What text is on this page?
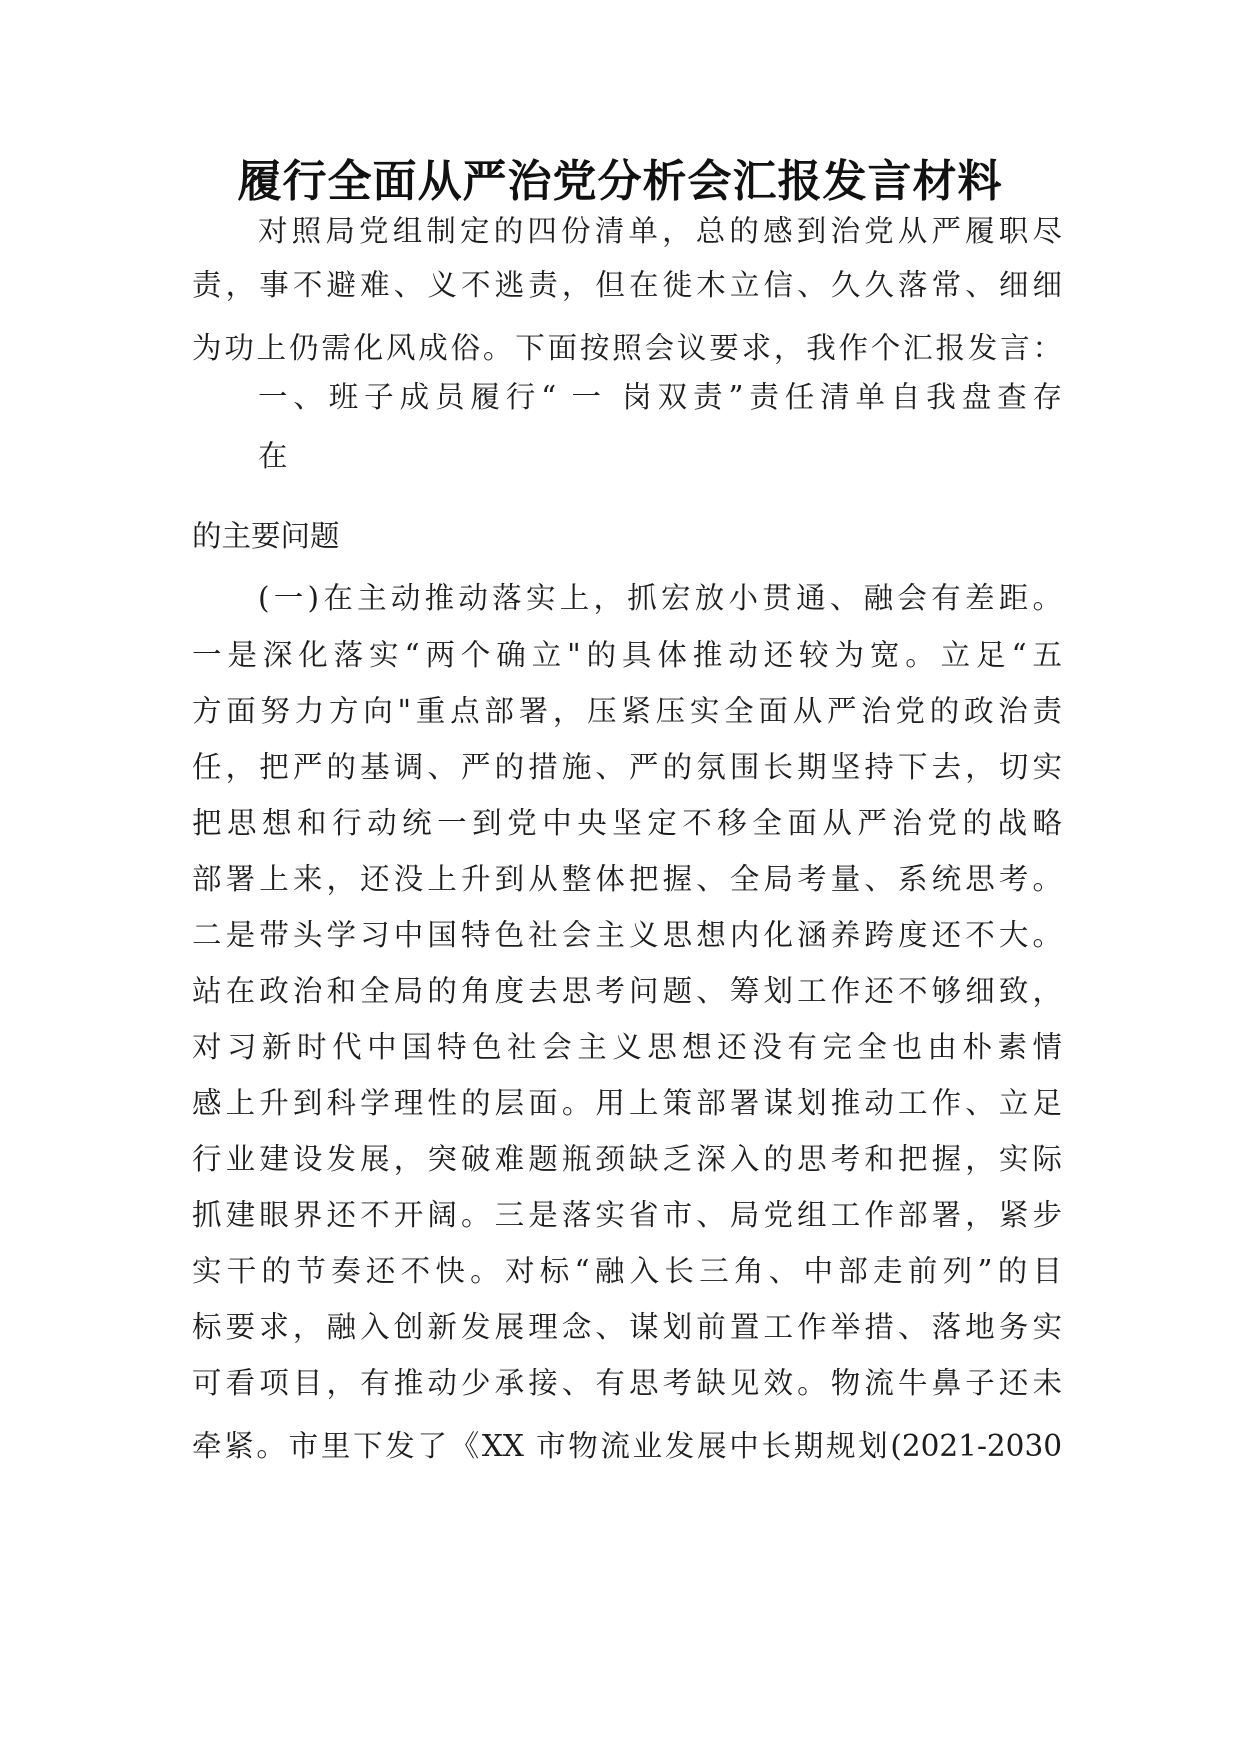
履行全面从严治党分析会汇报发言材料

对照局党组制定的四份清单，总的感到治党从严履职尽

责，事不避难、义不逃责，但在徙木立信、久久落常、细细

为功上仍需化风成俗。下面按照会议要求，我作个汇报发言：

一、班子成员履行“ 一 岗双责”责任清单自我盘查存

在

的主要问题

(一)在主动推动落实上，抓宏放小贯通、融会有差距。

一是深化落实“两个确立"的具体推动还较为宽。立足“五

方面努力方向"重点部署，压紧压实全面从严治党的政治责

任，把严的基调、严的措施、严的氛围长期坚持下去，切实

把思想和行动统一到党中央坚定不移全面从严治党的战略

部署上来，还没上升到从整体把握、全局考量、系统思考。

二是带头学习中国特色社会主义思想内化涵养跨度还不大。

站在政治和全局的角度去思考问题、筹划工作还不够细致，

对习新时代中国特色社会主义思想还没有完全也由朴素情

感上升到科学理性的层面。用上策部署谋划推动工作、立足

行业建设发展，突破难题瓶颈缺乏深入的思考和把握，实际

抓建眼界还不开阔。三是落实省市、局党组工作部署，紧步

实干的节奏还不快。对标“融入长三角、中部走前列”的目

标要求，融入创新发展理念、谋划前置工作举措、落地务实

可看项目，有推动少承接、有思考缺见效。物流牛鼻子还未

牵紧。市里下发了《XX 市物流业发展中长期规划(2021-2030
